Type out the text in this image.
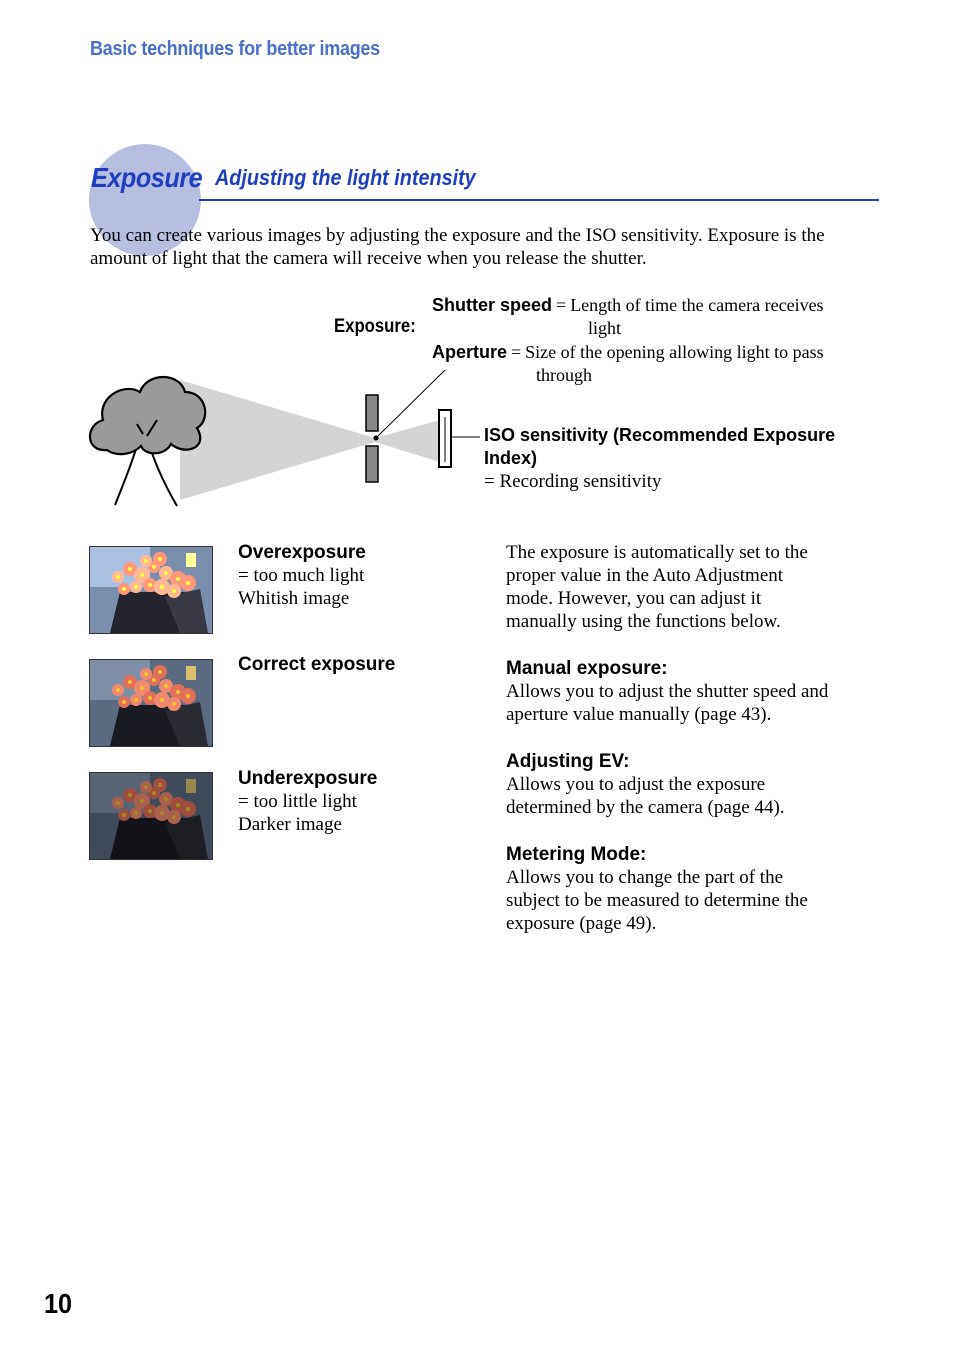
Basic techniques for better images
Exposure Adjusting the light intensity
You can create various images by adjusting the exposure and the ISO sensitivity. Exposure is the amount of light that the camera will receive when you release the shutter.
Exposure:
Shutter speed = Length of time the camera receives
light
Aperture = Size of the opening allowing light to pass
through
ISO sensitivity (Recommended Exposure
Index)
= Recording sensitivity
Overexposure
= too much light
Whitish image
Correct exposure
Underexposure
= too little light
Darker image
The exposure is automatically set to the
proper value in the Auto Adjustment
mode. However, you can adjust it
manually using the functions below.
Manual exposure:
Allows you to adjust the shutter speed and
aperture value manually (page 43).
Adjusting EV:
Allows you to adjust the exposure
determined by the camera (page 44).
Metering Mode:
Allows you to change the part of the
subject to be measured to determine the
exposure (page 49).
10
